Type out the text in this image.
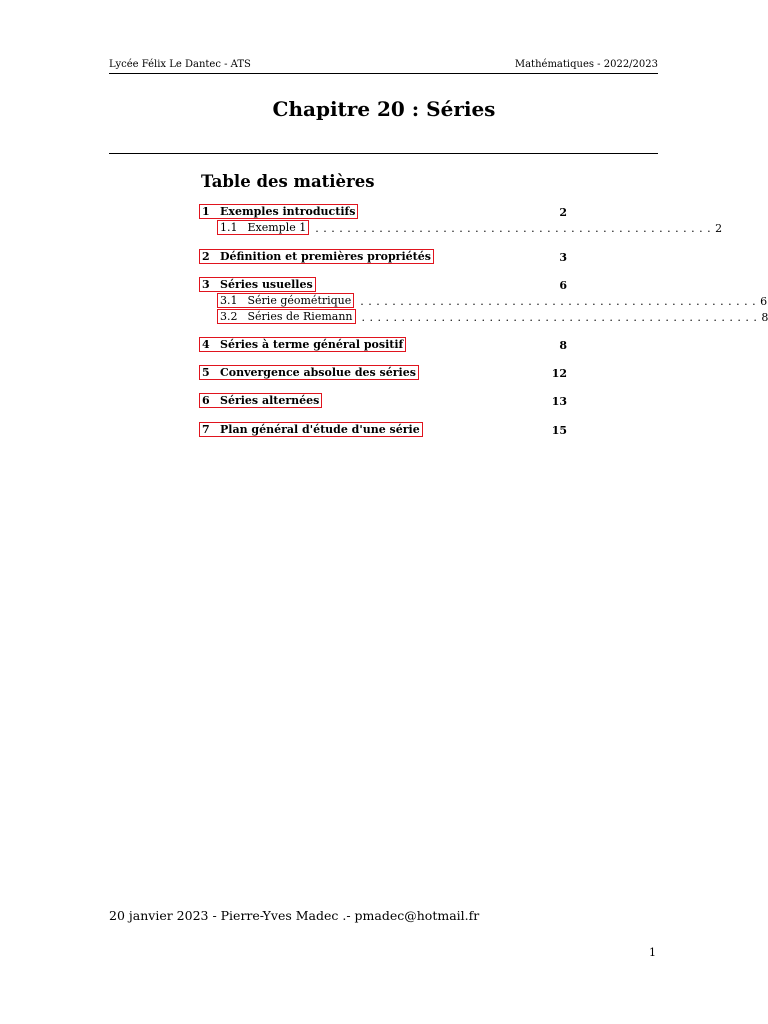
Lycée Félix Le Dantec - ATS	Mathématiques - 2022/2023
Chapitre 20 : Séries
Table des matières
1 Exemples introductifs	2
1.1 Exemple 1 .................................................. 2
2 Définition et premières propriétés	3
3 Séries usuelles	6
3.1 Série géométrique .................................................. 6
3.2 Séries de Riemann .................................................. 8
4 Séries à terme général positif	8
5 Convergence absolue des séries	12
6 Séries alternées	13
7 Plan général d'étude d'une série	15
20 janvier 2023 - Pierre-Yves Madec .- pmadec@hotmail.fr
1
